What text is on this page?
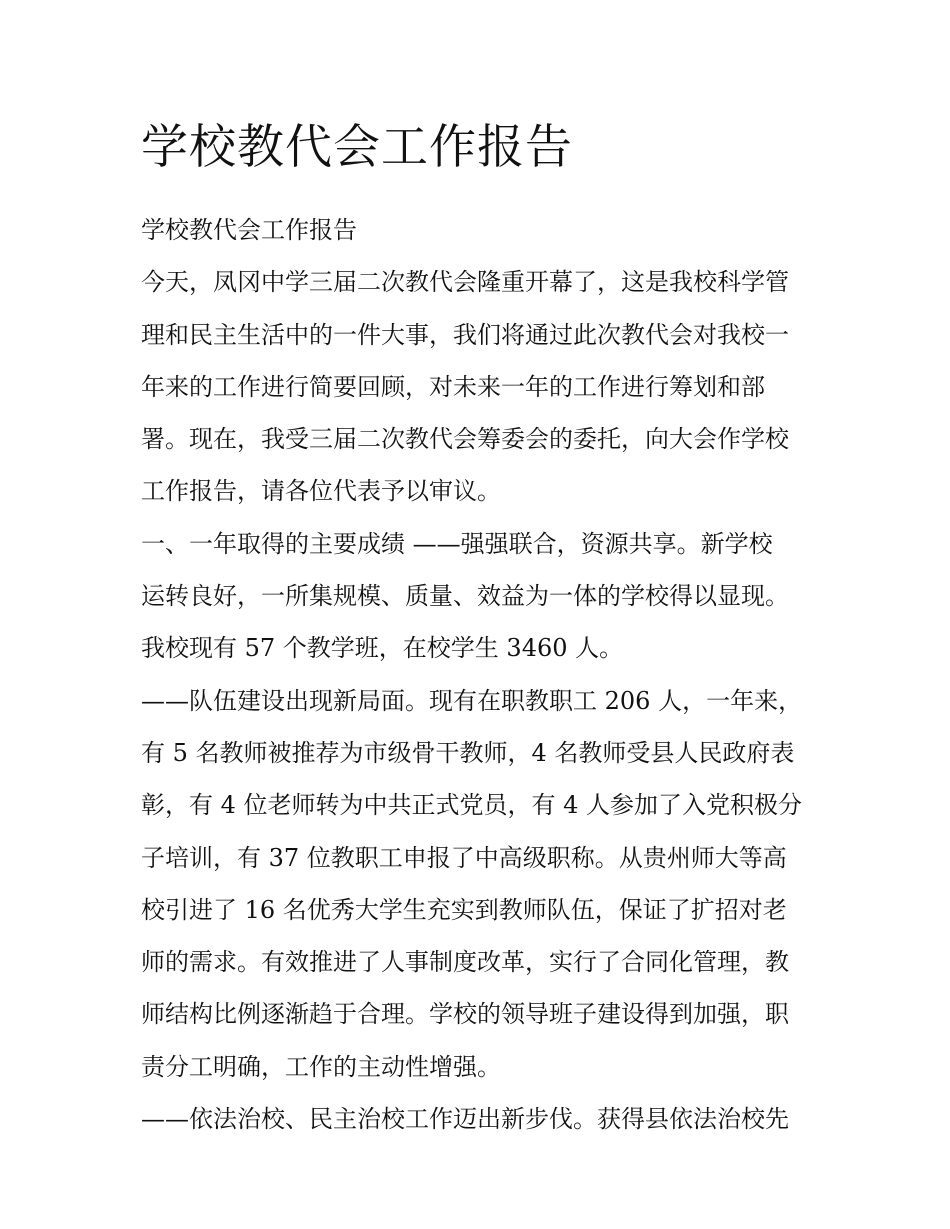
学校教代会工作报告
学校教代会工作报告
今天，凤冈中学三届二次教代会隆重开幕了，这是我校科学管
理和民主生活中的一件大事，我们将通过此次教代会对我校一
年来的工作进行简要回顾，对未来一年的工作进行筹划和部
署。现在，我受三届二次教代会筹委会的委托，向大会作学校
工作报告，请各位代表予以审议。
一、一年取得的主要成绩 ——强强联合，资源共享。新学校
运转良好，一所集规模、质量、效益为一体的学校得以显现。
我校现有 57 个教学班，在校学生 3460 人。
——队伍建设出现新局面。现有在职教职工 206 人，一年来，
有 5 名教师被推荐为市级骨干教师，4 名教师受县人民政府表
彰，有 4 位老师转为中共正式党员，有 4 人参加了入党积极分
子培训，有 37 位教职工申报了中高级职称。从贵州师大等高
校引进了 16 名优秀大学生充实到教师队伍，保证了扩招对老
师的需求。有效推进了人事制度改革，实行了合同化管理，教
师结构比例逐渐趋于合理。学校的领导班子建设得到加强，职
责分工明确，工作的主动性增强。
——依法治校、民主治校工作迈出新步伐。获得县依法治校先
